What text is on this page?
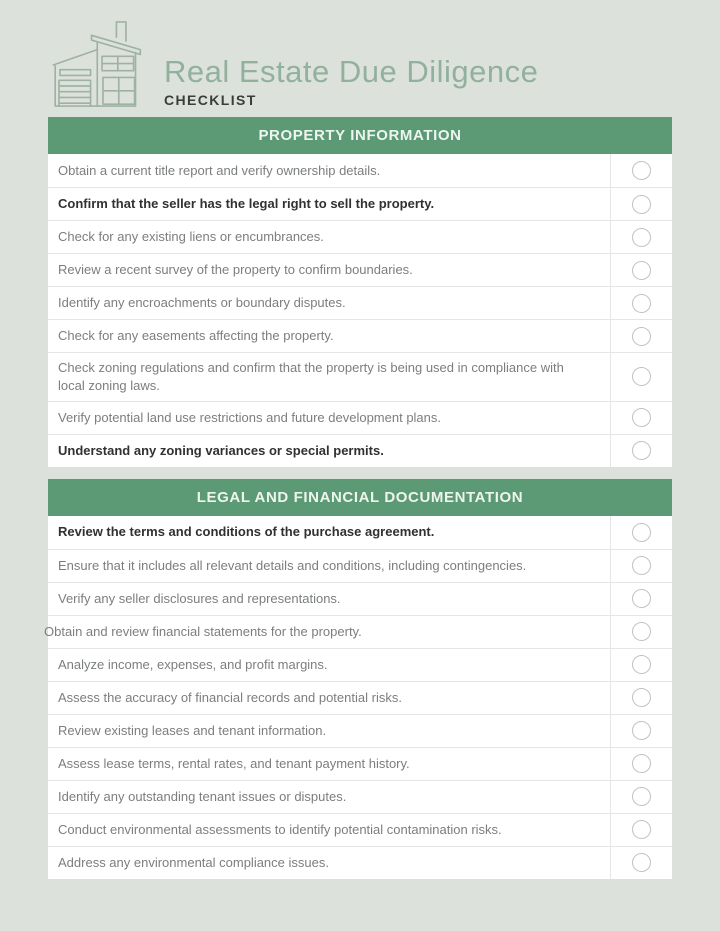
Real Estate Due Diligence
CHECKLIST
PROPERTY INFORMATION
Obtain a current title report and verify ownership details.
Confirm that the seller has the legal right to sell the property.
Check for any existing liens or encumbrances.
Review a recent survey of the property to confirm boundaries.
Identify any encroachments or boundary disputes.
Check for any easements affecting the property.
Check zoning regulations and confirm that the property is being used in compliance with local zoning laws.
Verify potential land use restrictions and future development plans.
Understand any zoning variances or special permits.
LEGAL AND FINANCIAL DOCUMENTATION
Review the terms and conditions of the purchase agreement.
Ensure that it includes all relevant details and conditions, including contingencies.
Verify any seller disclosures and representations.
Obtain and review financial statements for the property.
Analyze income, expenses, and profit margins.
Assess the accuracy of financial records and potential risks.
Review existing leases and tenant information.
Assess lease terms, rental rates, and tenant payment history.
Identify any outstanding tenant issues or disputes.
Conduct environmental assessments to identify potential contamination risks.
Address any environmental compliance issues.
